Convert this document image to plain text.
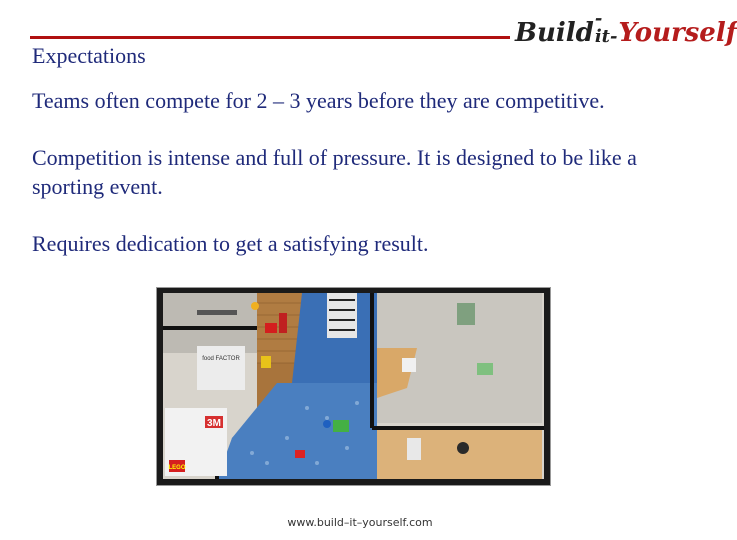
Build -it- Yourself
Expectations
Teams often compete for 2 – 3 years before they are competitive.
Competition is intense and full of pressure. It is designed to be like a sporting event.
Requires dedication to get a satisfying result.
3M
LEGO
food FACTOR
www.build–it–yourself.com
